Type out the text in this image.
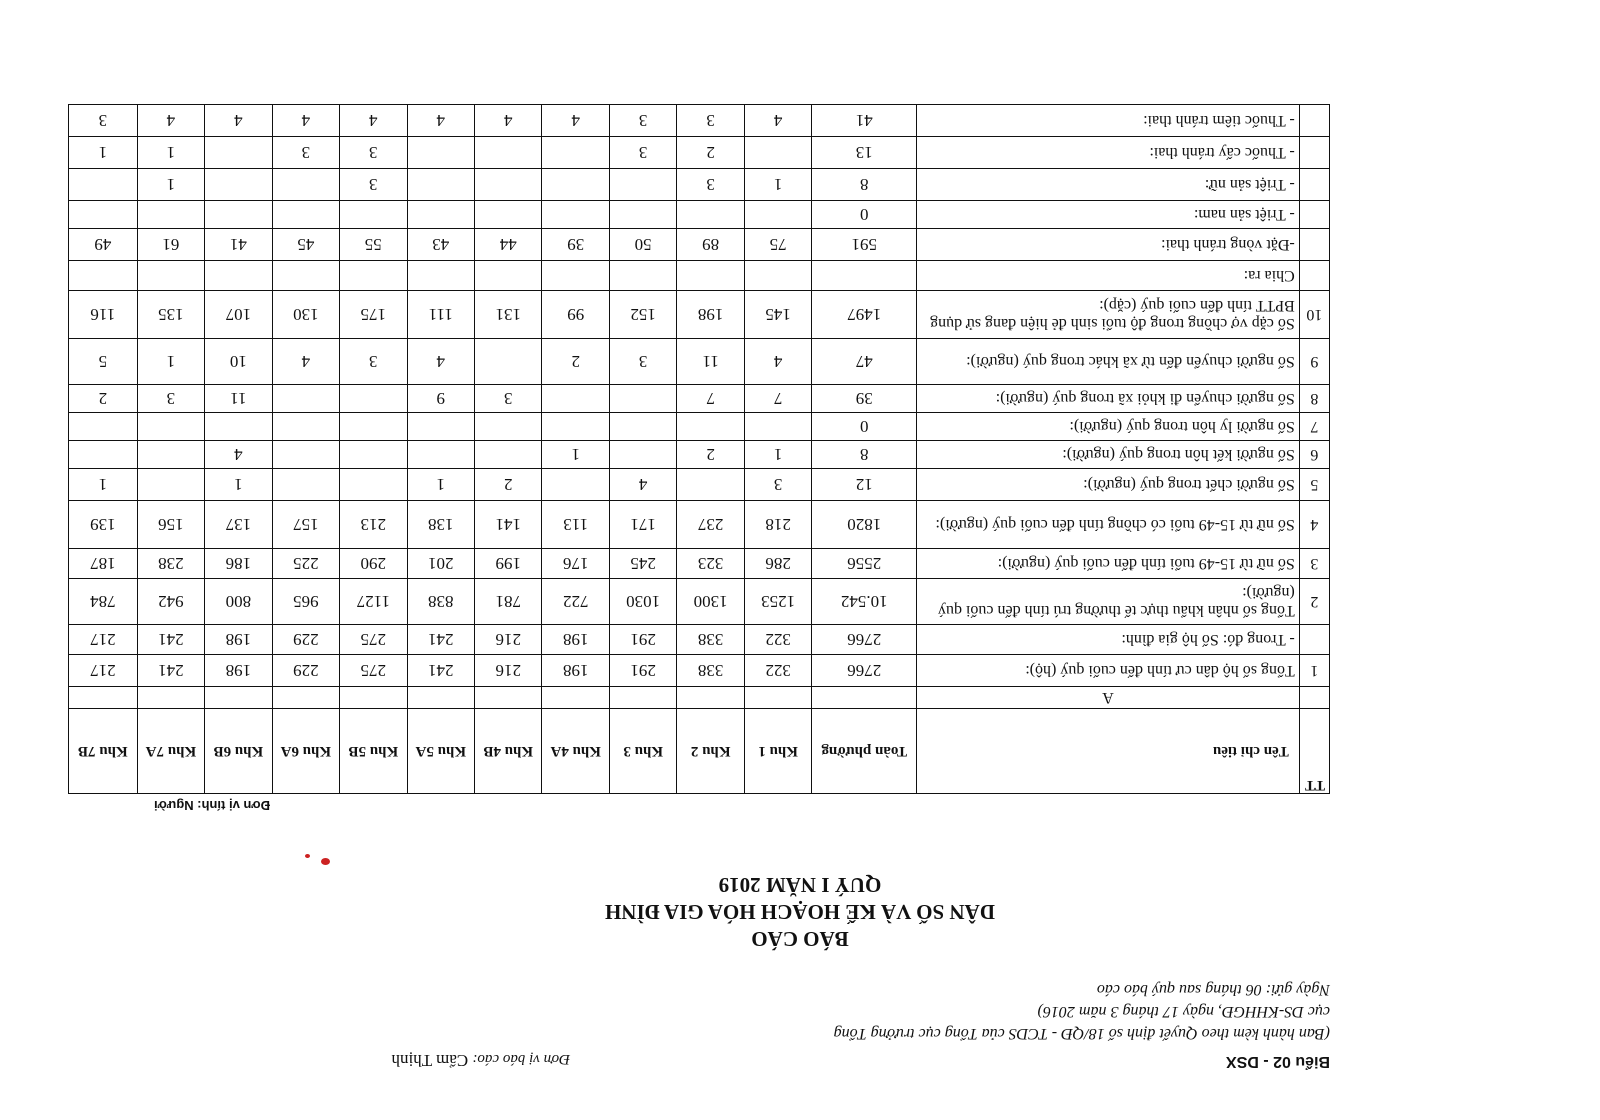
Biểu 02 - DSX
Đơn vị báo cáo: Cẩm Thịnh
(Ban hành kèm theo Quyết định số 18/QĐ - TCDS của Tổng cục trưởng Tổng cục DS-KHHGĐ, ngày 17 tháng 3 năm 2016)
Ngày gửi: 06 tháng sau quý báo cáo
BÁO CÁO
DÂN SỐ VÀ KẾ HOẠCH HÓA GIA ĐÌNH
QUÝ I NĂM 2019
Đơn vị tính: Người
TT	Tên chỉ tiêu	Toàn phường	Khu 1	Khu 2	Khu 3	Khu 4A	Khu 4B	Khu 5A	Khu 5B	Khu 6A	Khu 6B	Khu 7A	Khu 7B
	A												
1	Tổng số hộ dân cư tính đến cuối quý (hộ):	2766	322	338	291	198	216	241	275	229	198	241	217
	- Trong đó: Số hộ gia đình:	2766	322	338	291	198	216	241	275	229	198	241	217
2	Tổng số nhân khẩu thực tế thường trú tính đến cuối quý (người):	10.542	1253	1300	1030	722	781	838	1127	965	800	942	784
3	Số nữ từ 15-49 tuổi tính đến cuối quý (người):	2556	286	323	245	176	199	201	290	225	186	238	187
4	Số nữ từ 15-49 tuổi có chồng tính đến cuối quý (người):	1820	218	237	171	113	141	138	213	157	137	156	139
5	Số người chết trong quý (người):	12	3		4		2	1			1		1
6	Số người kết hôn trong quý (người):	8	1	2		1					4		
7	Số người ly hôn trong quý (người):	0											
8	Số người chuyển đi khỏi xã trong quý (người):	39	7	7			3	9			11	3	2
9	Số người chuyển đến từ xã khác trong quý (người):	47	4	11	3	2		4	3	4	10	1	5
10	Số cặp vợ chồng trong độ tuổi sinh đẻ hiện đang sử dụng BPTT tính đến cuối quý (cặp):	1497	145	198	152	99	131	111	175	130	107	135	116
	Chia ra:												
	-Đặt vòng tránh thai:	591	75	89	50	39	44	43	55	45	41	61	49
	- Triệt sản nam:	0											
	- Triệt sản nữ:	8	1	3					3			1	
	- Thuốc cấy tránh thai:	13		2	3				3	3		1	1
	- Thuốc tiêm tránh thai:	41	4	3	3	4	4	4	4	4	4	4	3
